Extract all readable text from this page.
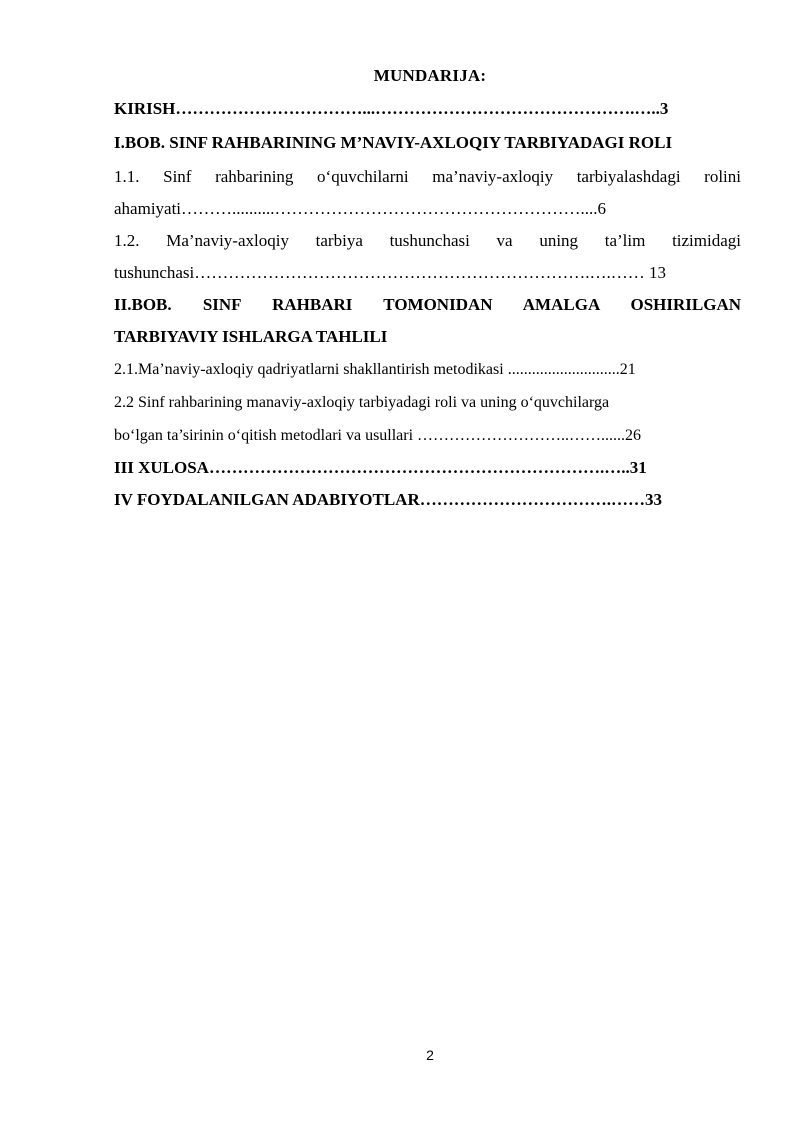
MUNDARIJA:
KIRISH……………………………...……………………………………….…..3
I.BOB. SINF RAHBARINING M’NAVIY-AXLOQIY TARBIYADAGI ROLI
1.1. Sinf rahbarining o‘quvchilarni ma’naviy-axloqiy tarbiyalashdagi rolini
ahamiyati………..........………………………………………………....6
1.2. Ma’naviy-axloqiy tarbiya tushunchasi va uning ta’lim tizimidagi
tushunchasi…………………………………………………………….….…… 13
II.BOB. SINF RAHBARI TOMONIDAN AMALGA OSHIRILGAN
TARBIYAVIY ISHLARGA TAHLILI
2.1.Ma’naviy-axloqiy qadriyatlarni shakllantirish metodikasi ............................21
2.2 Sinf rahbarining manaviy-axloqiy tarbiyadagi roli va uning o‘quvchilarga
bo‘lgan ta’sirinin o‘qitish metodlari va usullari ………………………..……......26
III XULOSA…………………………………………………………….…..31
IV FOYDALANILGAN ADABIYOTLAR…………………………….……33
2
